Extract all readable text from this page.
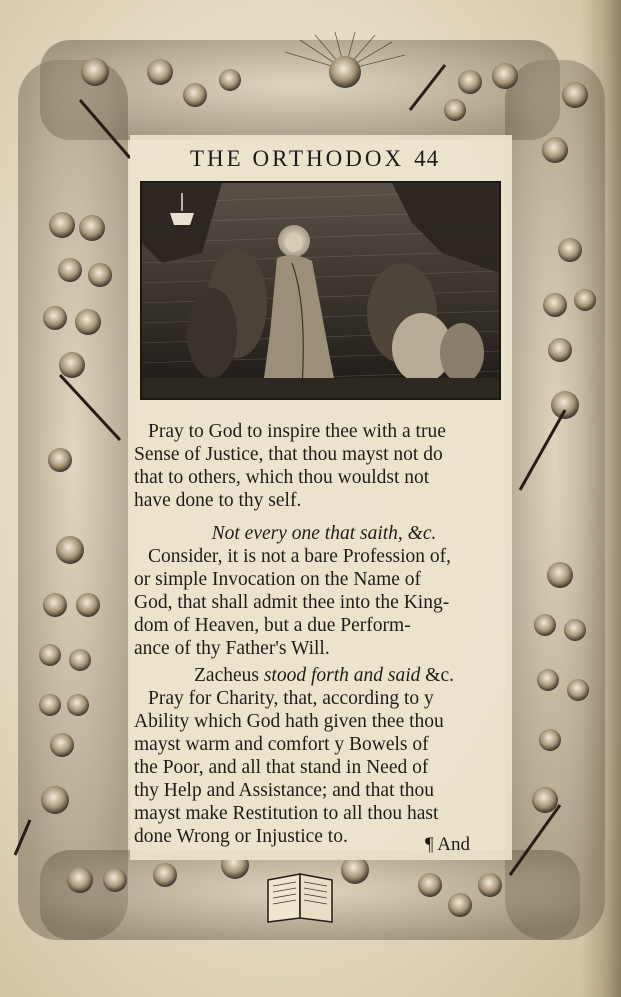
THE ORTHODOX 44

Pray to God to inspire thee with a true

Sense of Justice, that thou mayst not do

that to others, which thou wouldst not

have done to thy self.

Not every one that saith, &c.

Consider, it is not a bare Profession of,

or simple Invocation on the Name of

God, that shall admit thee into the King-

dom of Heaven, but a due Perform-

ance of thy Father's Will.

Zacheus stood forth and said &c.

Pray for Charity, that, according to y

Ability which God hath given thee thou

mayst warm and comfort y Bowels of

the Poor, and all that stand in Need of

thy Help and Assistance; and that thou

mayst make Restitution to all thou hast

done Wrong or Injustice to.	¶ And
